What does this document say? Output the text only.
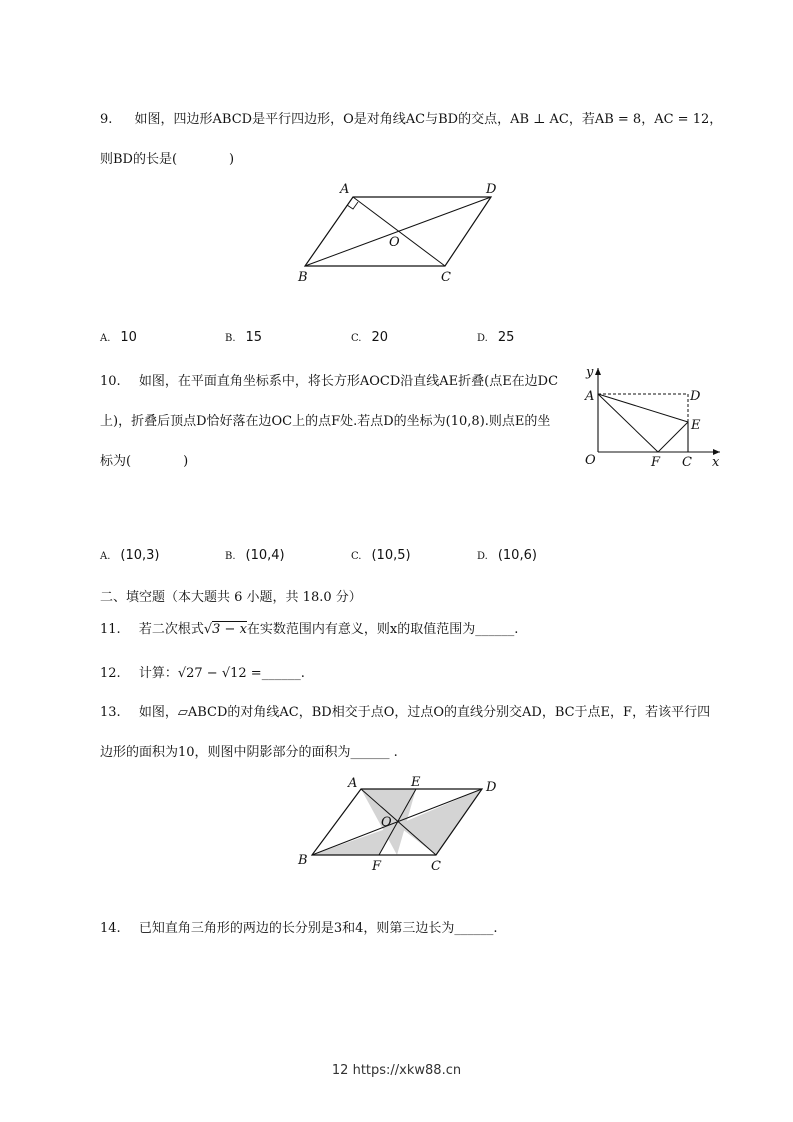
9. 如图，四边形ABCD是平行四边形，O是对角线AC与BD的交点，AB ⊥ AC，若AB = 8，AC = 12，
则BD的长是(　　　　)
A	D
O
B	C
A. 10	B. 15	C. 20	D. 25
10. 如图，在平面直角坐标系中，将长方形AOCD沿直线AE折叠(点E在边DC
上)，折叠后顶点D恰好落在边OC上的点F处.若点D的坐标为(10,8).则点E的坐
标为(　　　　)
y
A	D
E
O	F C x
A. (10,3)	B. (10,4)	C. (10,5)	D. (10,6)
二、填空题（本大题共 6 小题，共 18.0 分）
11. 若二次根式√3 − x在实数范围内有意义，则x的取值范围为______.
12. 计算：√27 − √12 =______.
13. 如图，▱ABCD的对角线AC，BD相交于点O，过点O的直线分别交AD，BC于点E，F，若该平行四
边形的面积为10，则图中阴影部分的面积为______ .
A	E	D
O
B	F	C
14. 已知直角三角形的两边的长分别是3和4，则第三边长为______.
12 https://xkw88.cn
